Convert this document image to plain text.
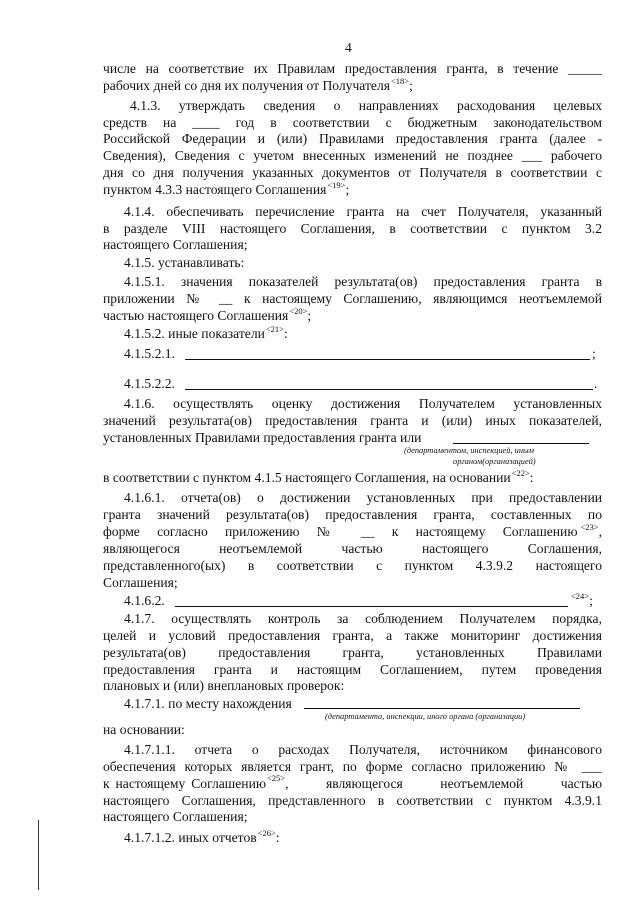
4
числе на соответствие их Правилам предоставления гранта, в течение _____
рабочих дней со дня их получения от Получателя$^{<18>}$;
4.1.3. утверждать сведения о направлениях расходования целевых
средств на ____ год в соответствии с бюджетным законодательством
Российской Федерации и (или) Правилами предоставления гранта (далее -
Сведения), Сведения с учетом внесенных изменений не позднее ___ рабочего
дня со дня получения указанных документов от Получателя в соответствии с
пунктом 4.3.3 настоящего Соглашения$^{<19>}$;
4.1.4. обеспечивать перечисление гранта на счет Получателя, указанный
в разделе VIII настоящего Соглашения, в соответствии с пунктом 3.2
настоящего Соглашения;
4.1.5. устанавливать:
4.1.5.1. значения показателей результата(ов) предоставления гранта в
приложении № __ к настоящему Соглашению, являющимся неотъемлемой
частью настоящего Соглашения$^{<20>}$;
4.1.5.2. иные показатели$^{<21>}$:
4.1.5.2.1.	;
4.1.5.2.2.	.
4.1.6. осуществлять оценку достижения Получателем установленных
значений результата(ов) предоставления гранта и (или) иных показателей,
установленных Правилами предоставления гранта или
(департаментом, инспекцией, иным
органом(организацией)
в соответствии с пунктом 4.1.5 настоящего Соглашения, на основании$^{<22>}$:
4.1.6.1. отчета(ов) о достижении установленных при предоставлении
гранта значений результата(ов) предоставления гранта, составленных по
форме согласно приложению № __ к настоящему Соглашению $^{<23>}$,
являющегося неотъемлемой частью настоящего Соглашения,
представленного(ых) в соответствии с пунктом 4.3.9.2 настоящего
Соглашения;
4.1.6.2.	$^{<24>}$;
4.1.7. осуществлять контроль за соблюдением Получателем порядка,
целей и условий предоставления гранта, а также мониторинг достижения
результата(ов) предоставления гранта, установленных Правилами
предоставления гранта и настоящим Соглашением, путем проведения
плановых и (или) внеплановых проверок:
4.1.7.1. по месту нахождения
(департамента, инспекции, иного органа (организации)
на основании:
4.1.7.1.1. отчета о расходах Получателя, источником финансового
обеспечения которых является грант, по форме согласно приложению № ___
к настоящему Соглашению <25> , являющегося неотъемлемой частью
настоящего Соглашения, представленного в соответствии с пунктом 4.3.9.1
настоящего Соглашения;
4.1.7.1.2. иных отчетов$^{<26>}$:
